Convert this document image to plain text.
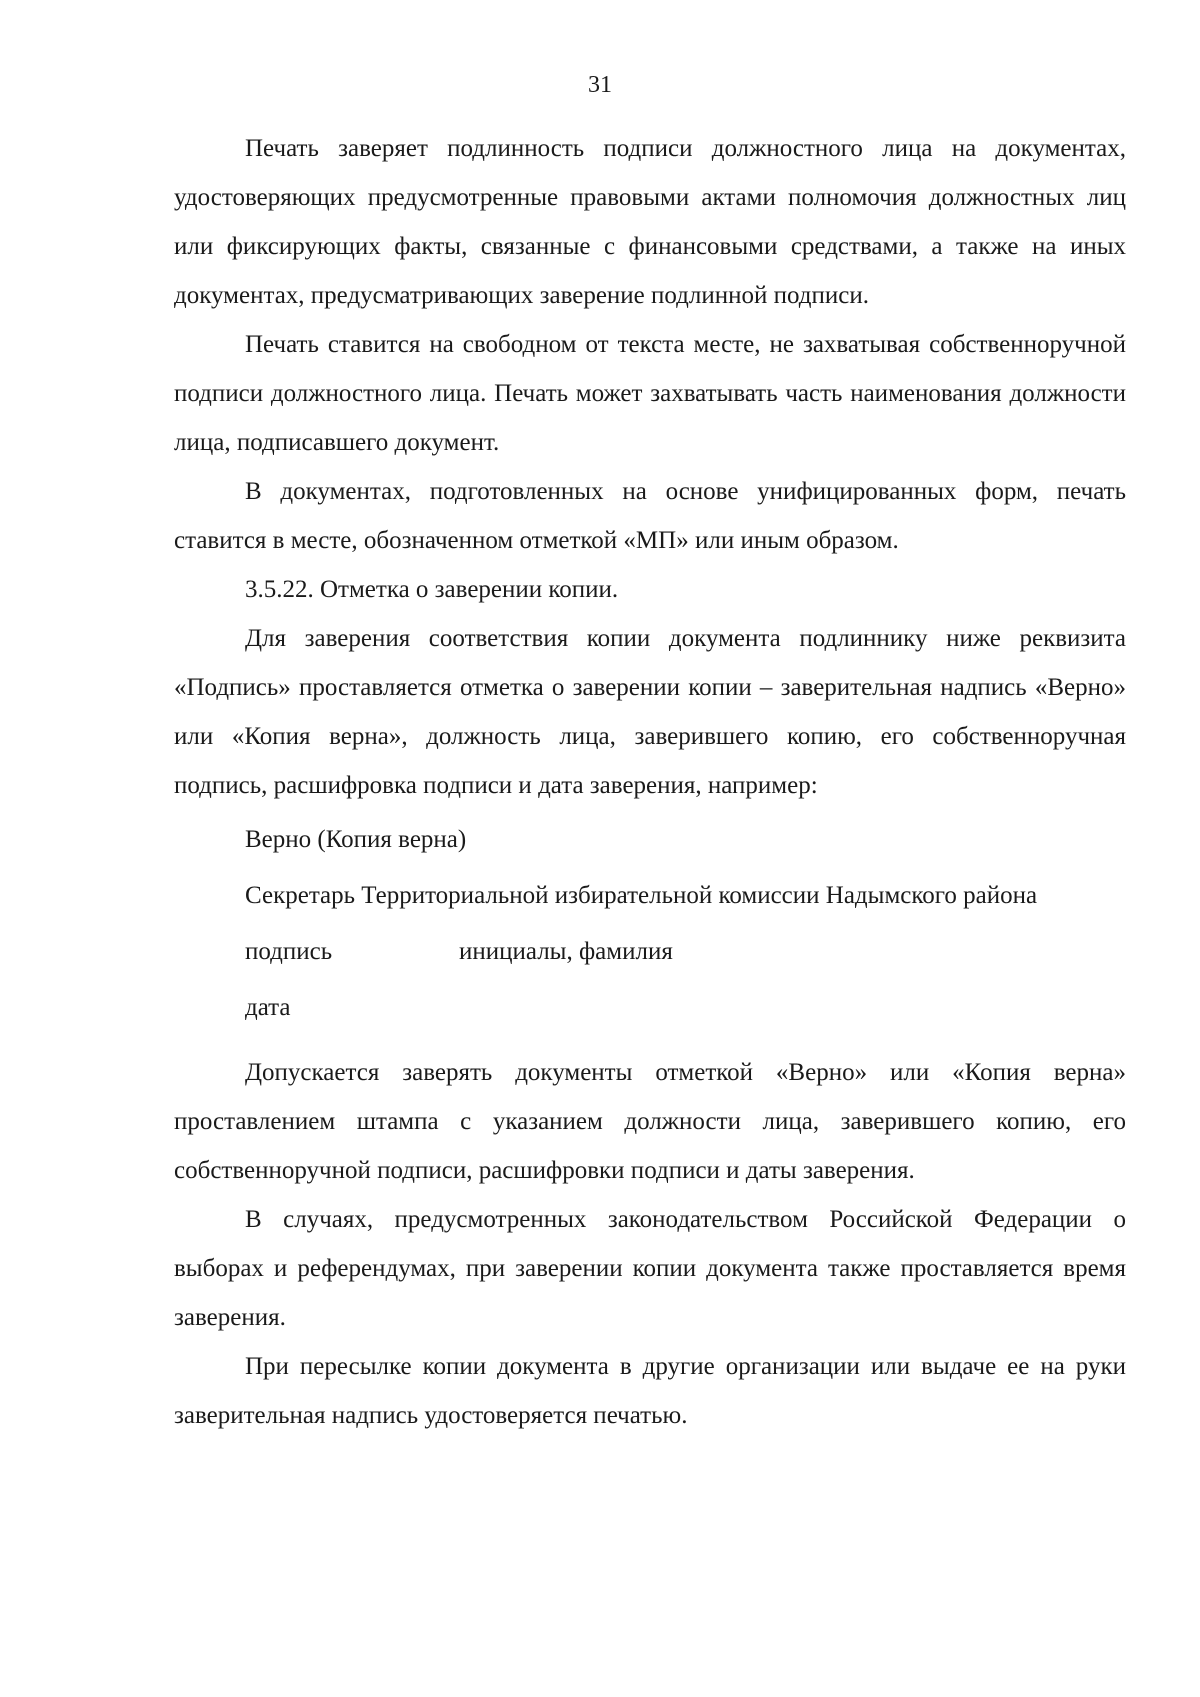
31

Печать заверяет подлинность подписи должностного лица на документах, удостоверяющих предусмотренные правовыми актами полномочия должностных лиц или фиксирующих факты, связанные с финансовыми средствами, а также на иных документах, предусматривающих заверение подлинной подписи.

Печать ставится на свободном от текста месте, не захватывая собственноручной подписи должностного лица. Печать может захватывать часть наименования должности лица, подписавшего документ.

В документах, подготовленных на основе унифицированных форм, печать ставится в месте, обозначенном отметкой «МП» или иным образом.

3.5.22. Отметка о заверении копии.

Для заверения соответствия копии документа подлиннику ниже реквизита «Подпись» проставляется отметка о заверении копии – заверительная надпись «Верно» или «Копия верна», должность лица, заверившего копию, его собственноручная подпись, расшифровка подписи и дата заверения, например:

Верно (Копия верна)
Секретарь Территориальной избирательной комиссии Надымского района
подпись	инициалы, фамилия
дата

Допускается заверять документы отметкой «Верно» или «Копия верна» проставлением штампа с указанием должности лица, заверившего копию, его собственноручной подписи, расшифровки подписи и даты заверения.

В случаях, предусмотренных законодательством Российской Федерации о выборах и референдумах, при заверении копии документа также проставляется время заверения.

При пересылке копии документа в другие организации или выдаче ее на руки заверительная надпись удостоверяется печатью.
